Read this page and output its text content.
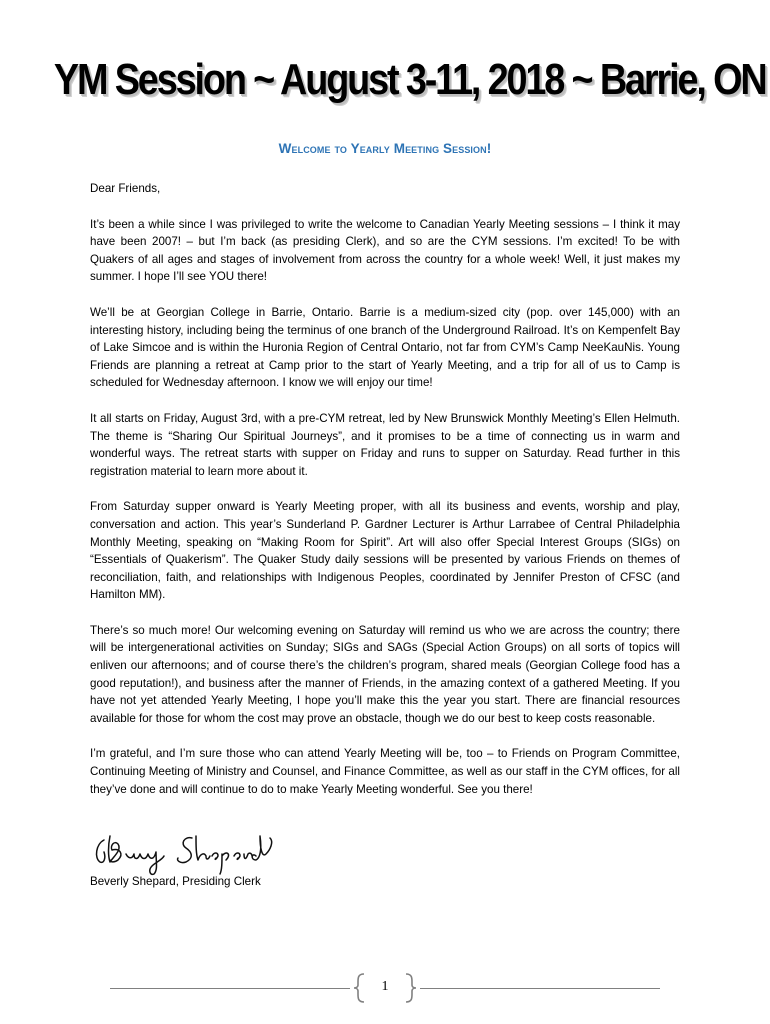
YM Session ~ August 3-11, 2018 ~ Barrie, ON
Welcome to Yearly Meeting Session!

Dear Friends,

It’s been a while since I was privileged to write the welcome to Canadian Yearly Meeting sessions – I think it may have been 2007! – but I’m back (as presiding Clerk), and so are the CYM sessions. I’m excited! To be with Quakers of all ages and stages of involvement from across the country for a whole week! Well, it just makes my summer. I hope I’ll see YOU there!

We’ll be at Georgian College in Barrie, Ontario. Barrie is a medium-sized city (pop. over 145,000) with an interesting history, including being the terminus of one branch of the Underground Railroad. It’s on Kempenfelt Bay of Lake Simcoe and is within the Huronia Region of Central Ontario, not far from CYM’s Camp NeeKauNis. Young Friends are planning a retreat at Camp prior to the start of Yearly Meeting, and a trip for all of us to Camp is scheduled for Wednesday afternoon. I know we will enjoy our time!

It all starts on Friday, August 3rd, with a pre-CYM retreat, led by New Brunswick Monthly Meeting’s Ellen Helmuth. The theme is “Sharing Our Spiritual Journeys”, and it promises to be a time of connecting us in warm and wonderful ways. The retreat starts with supper on Friday and runs to supper on Saturday. Read further in this registration material to learn more about it.

From Saturday supper onward is Yearly Meeting proper, with all its business and events, worship and play, conversation and action. This year’s Sunderland P. Gardner Lecturer is Arthur Larrabee of Central Philadelphia Monthly Meeting, speaking on “Making Room for Spirit”. Art will also offer Special Interest Groups (SIGs) on “Essentials of Quakerism”. The Quaker Study daily sessions will be presented by various Friends on themes of reconciliation, faith, and relationships with Indigenous Peoples, coordinated by Jennifer Preston of CFSC (and Hamilton MM).

There’s so much more! Our welcoming evening on Saturday will remind us who we are across the country; there will be intergenerational activities on Sunday; SIGs and SAGs (Special Action Groups) on all sorts of topics will enliven our afternoons; and of course there’s the children’s program, shared meals (Georgian College food has a good reputation!), and business after the manner of Friends, in the amazing context of a gathered Meeting. If you have not yet attended Yearly Meeting, I hope you’ll make this the year you start. There are financial resources available for those for whom the cost may prove an obstacle, though we do our best to keep costs reasonable.

I’m grateful, and I’m sure those who can attend Yearly Meeting will be, too – to Friends on Program Committee, Continuing Meeting of Ministry and Counsel, and Finance Committee, as well as our staff in the CYM offices, for all they’ve done and will continue to do to make Yearly Meeting wonderful. See you there!

Beverly Shepard, Presiding Clerk
1
